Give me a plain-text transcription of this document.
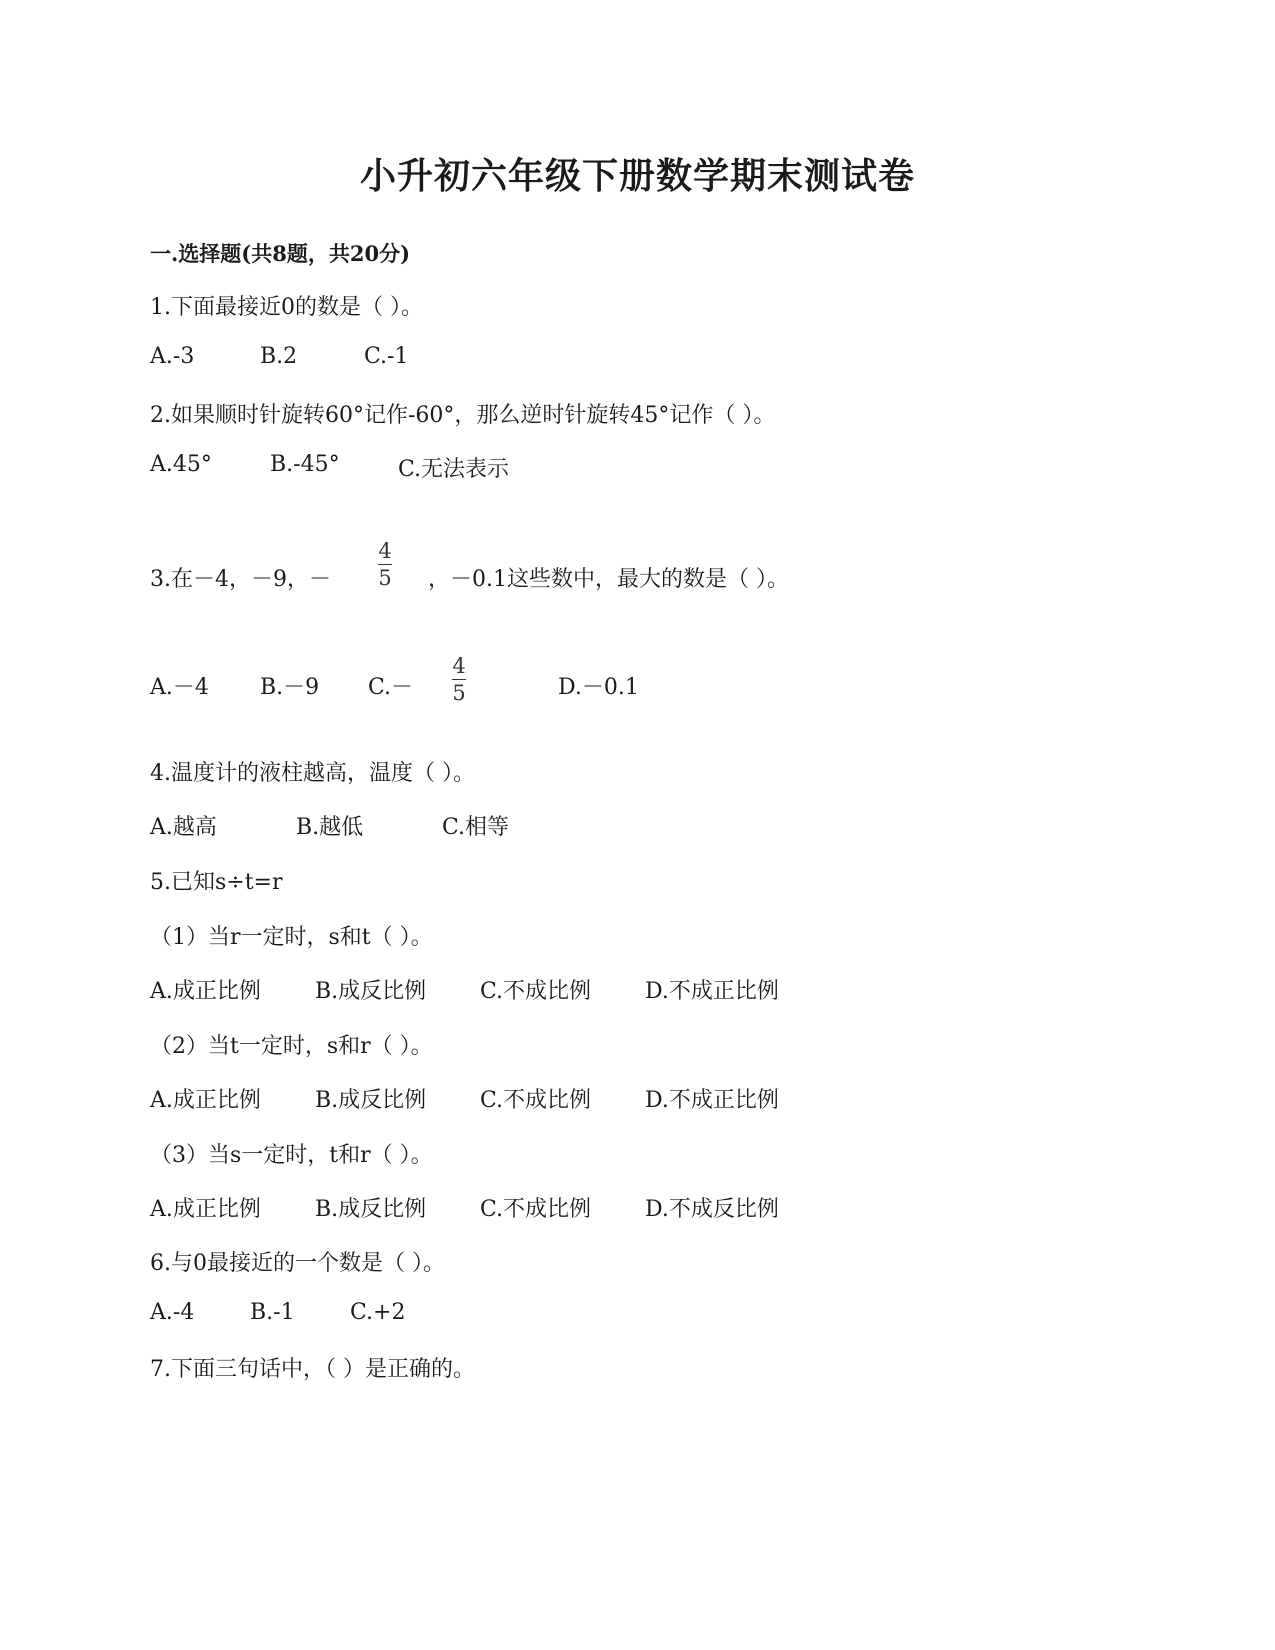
小升初六年级下册数学期末测试卷
一.选择题(共8题，共20分)
1.下面最接近0的数是（ ）。
A.-3	B.2	C.-1
2.如果顺时针旋转60°记作-60°，那么逆时针旋转45°记作（ ）。
A.45°	B.-45°	C.无法表示
3.在－4，－9，－
4
5 ，－0.1这些数中，最大的数是（ ）。
A.－4 B.－9 C.－
4
5	D.－0.1
4.温度计的液柱越高，温度（ ）。
A.越高	B.越低	C.相等
5.已知s÷t=r
（1）当r一定时，s和t（ ）。
A.成正比例 B.成反比例 C.不成比例 D.不成正比例
（2）当t一定时，s和r（ ）。
A.成正比例 B.成反比例 C.不成比例 D.不成正比例
（3）当s一定时，t和r（ ）。
A.成正比例 B.成反比例 C.不成比例 D.不成反比例
6.与0最接近的一个数是（ ）。
A.-4	B.-1	C.+2
7.下面三句话中，（ ）是正确的。
